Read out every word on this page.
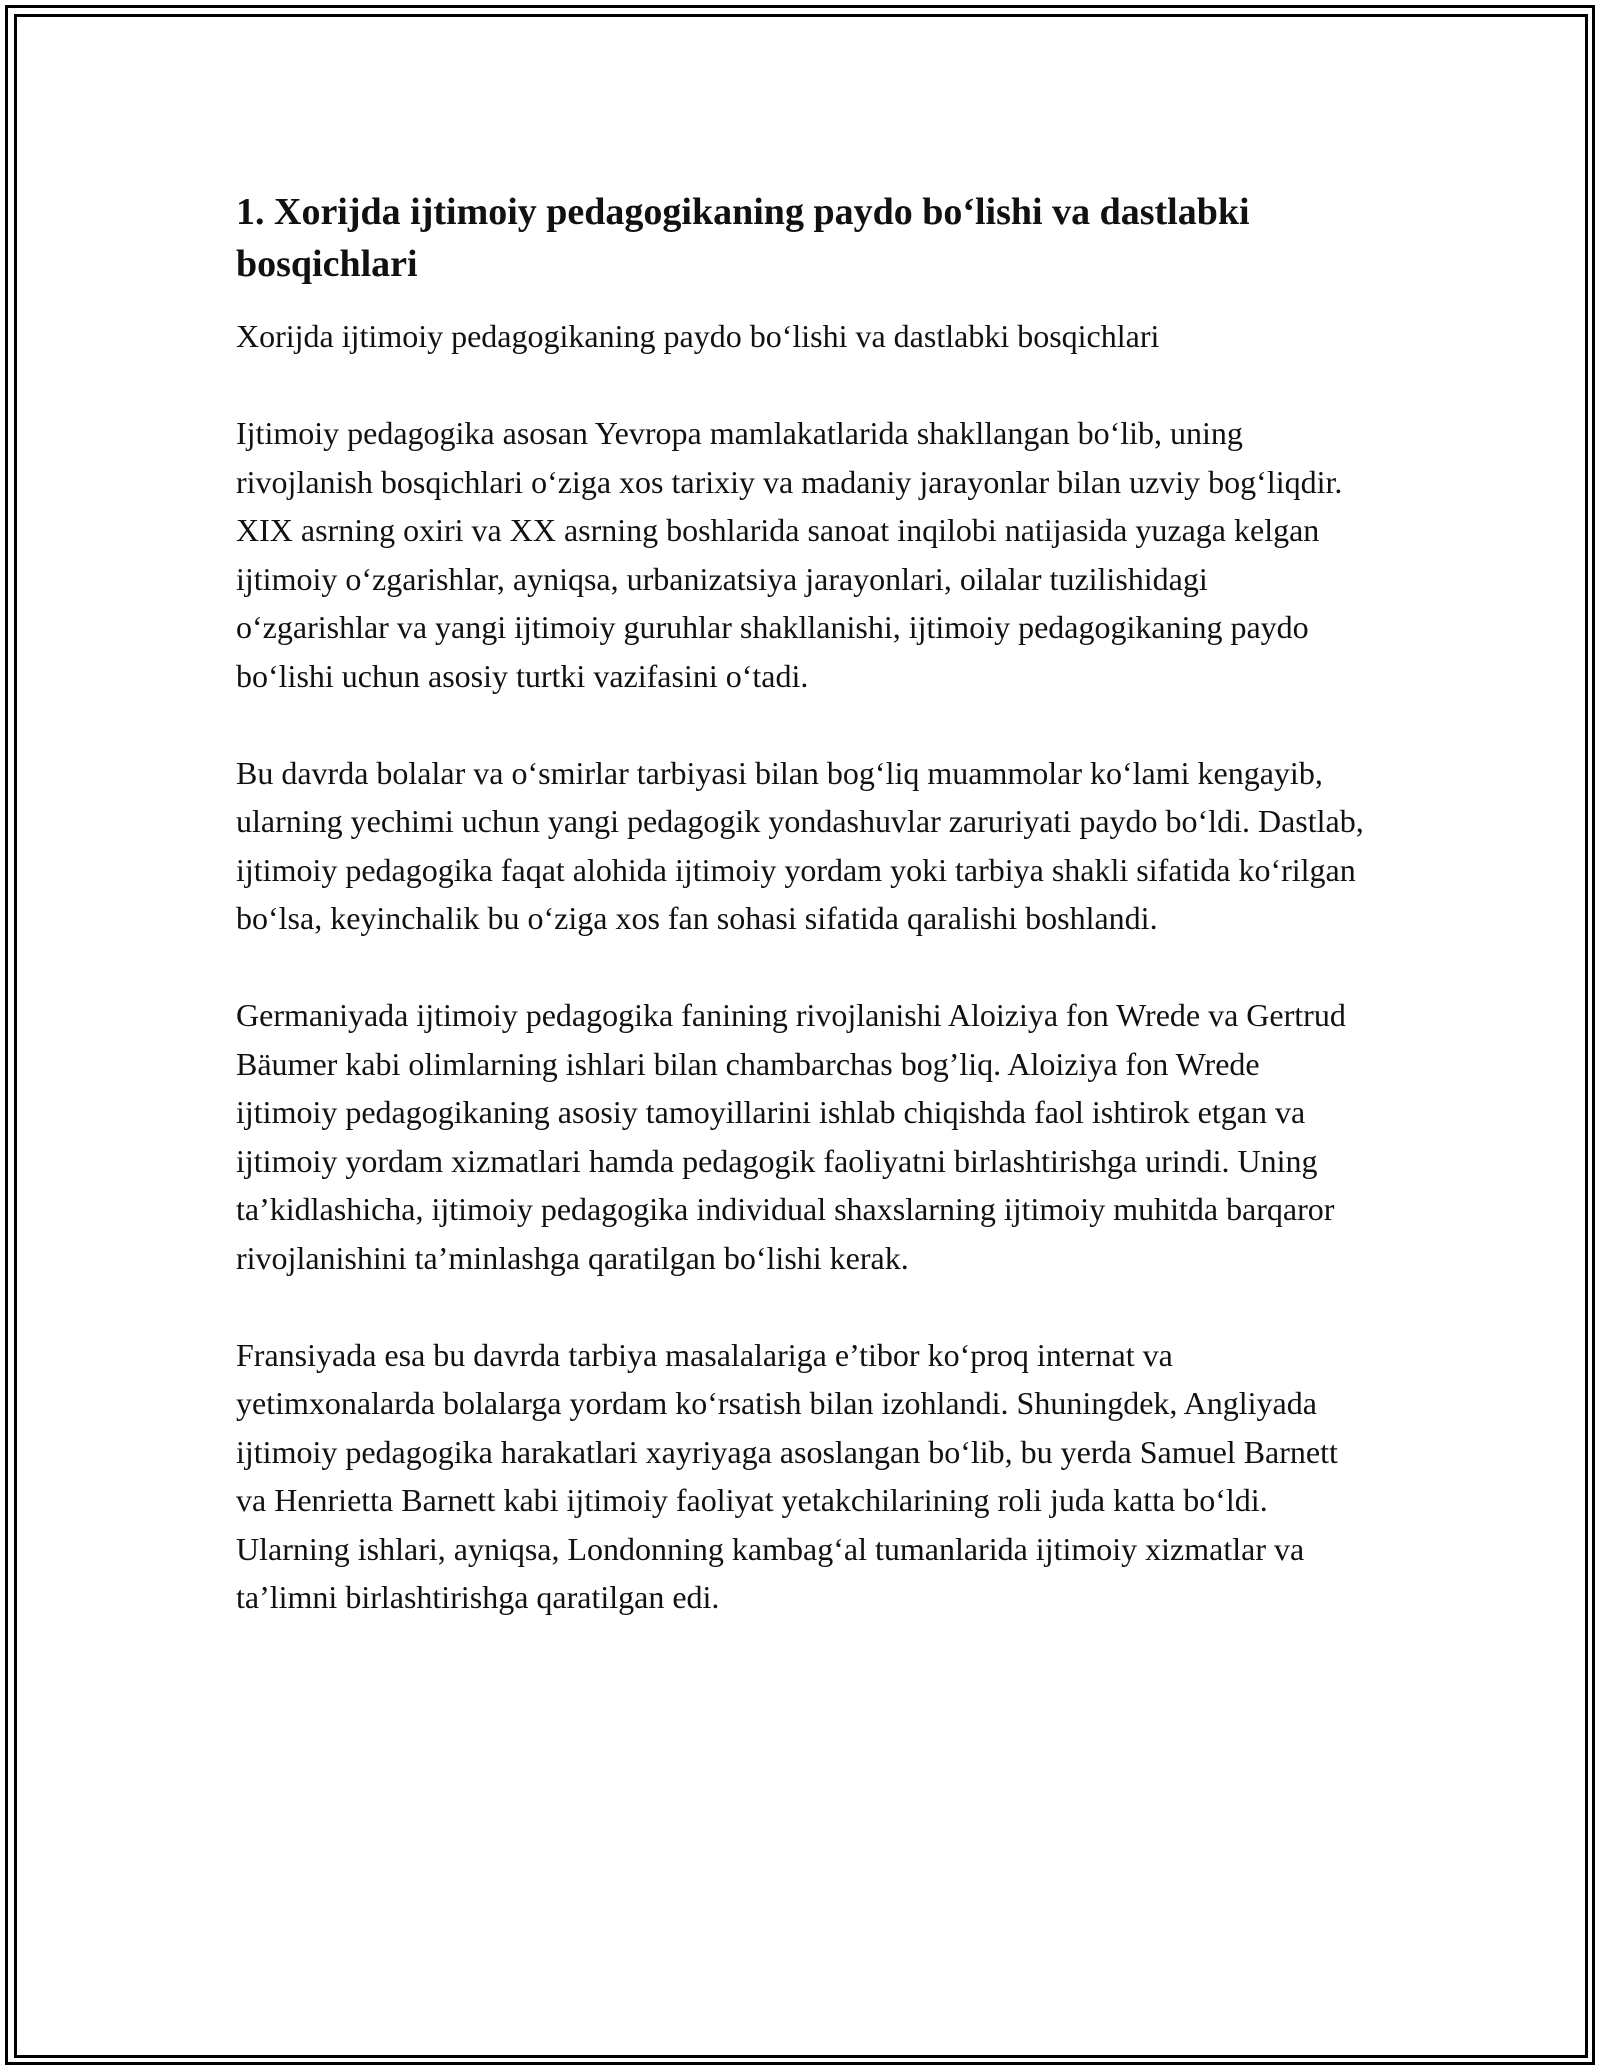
1. Xorijda ijtimoiy pedagogikaning paydo bo‘lishi va dastlabki bosqichlari

Xorijda ijtimoiy pedagogikaning paydo bo‘lishi va dastlabki bosqichlari

Ijtimoiy pedagogika asosan Yevropa mamlakatlarida shakllangan bo‘lib, uning rivojlanish bosqichlari o‘ziga xos tarixiy va madaniy jarayonlar bilan uzviy bog‘liqdir. XIX asrning oxiri va XX asrning boshlarida sanoat inqilobi natijasida yuzaga kelgan ijtimoiy o‘zgarishlar, ayniqsa, urbanizatsiya jarayonlari, oilalar tuzilishidagi o‘zgarishlar va yangi ijtimoiy guruhlar shakllanishi, ijtimoiy pedagogikaning paydo bo‘lishi uchun asosiy turtki vazifasini o‘tadi.

Bu davrda bolalar va o‘smirlar tarbiyasi bilan bog‘liq muammolar ko‘lami kengayib, ularning yechimi uchun yangi pedagogik yondashuvlar zaruriyati paydo bo‘ldi. Dastlab, ijtimoiy pedagogika faqat alohida ijtimoiy yordam yoki tarbiya shakli sifatida ko‘rilgan bo‘lsa, keyinchalik bu o‘ziga xos fan sohasi sifatida qaralishi boshlandi.

Germaniyada ijtimoiy pedagogika fanining rivojlanishi Aloiziya fon Wrede va Gertrud Bäumer kabi olimlarning ishlari bilan chambarchas bog’liq. Aloiziya fon Wrede ijtimoiy pedagogikaning asosiy tamoyillarini ishlab chiqishda faol ishtirok etgan va ijtimoiy yordam xizmatlari hamda pedagogik faoliyatni birlashtirishga urindi. Uning ta’kidlashicha, ijtimoiy pedagogika individual shaxslarning ijtimoiy muhitda barqaror rivojlanishini ta’minlashga qaratilgan bo‘lishi kerak.

Fransiyada esa bu davrda tarbiya masalalariga e’tibor ko‘proq internat va yetimxonalarda bolalarga yordam ko‘rsatish bilan izohlandi. Shuningdek, Angliyada ijtimoiy pedagogika harakatlari xayriyaga asoslangan bo‘lib, bu yerda Samuel Barnett va Henrietta Barnett kabi ijtimoiy faoliyat yetakchilarining roli juda katta bo‘ldi. Ularning ishlari, ayniqsa, Londonning kambag‘al tumanlarida ijtimoiy xizmatlar va ta’limni birlashtirishga qaratilgan edi.
